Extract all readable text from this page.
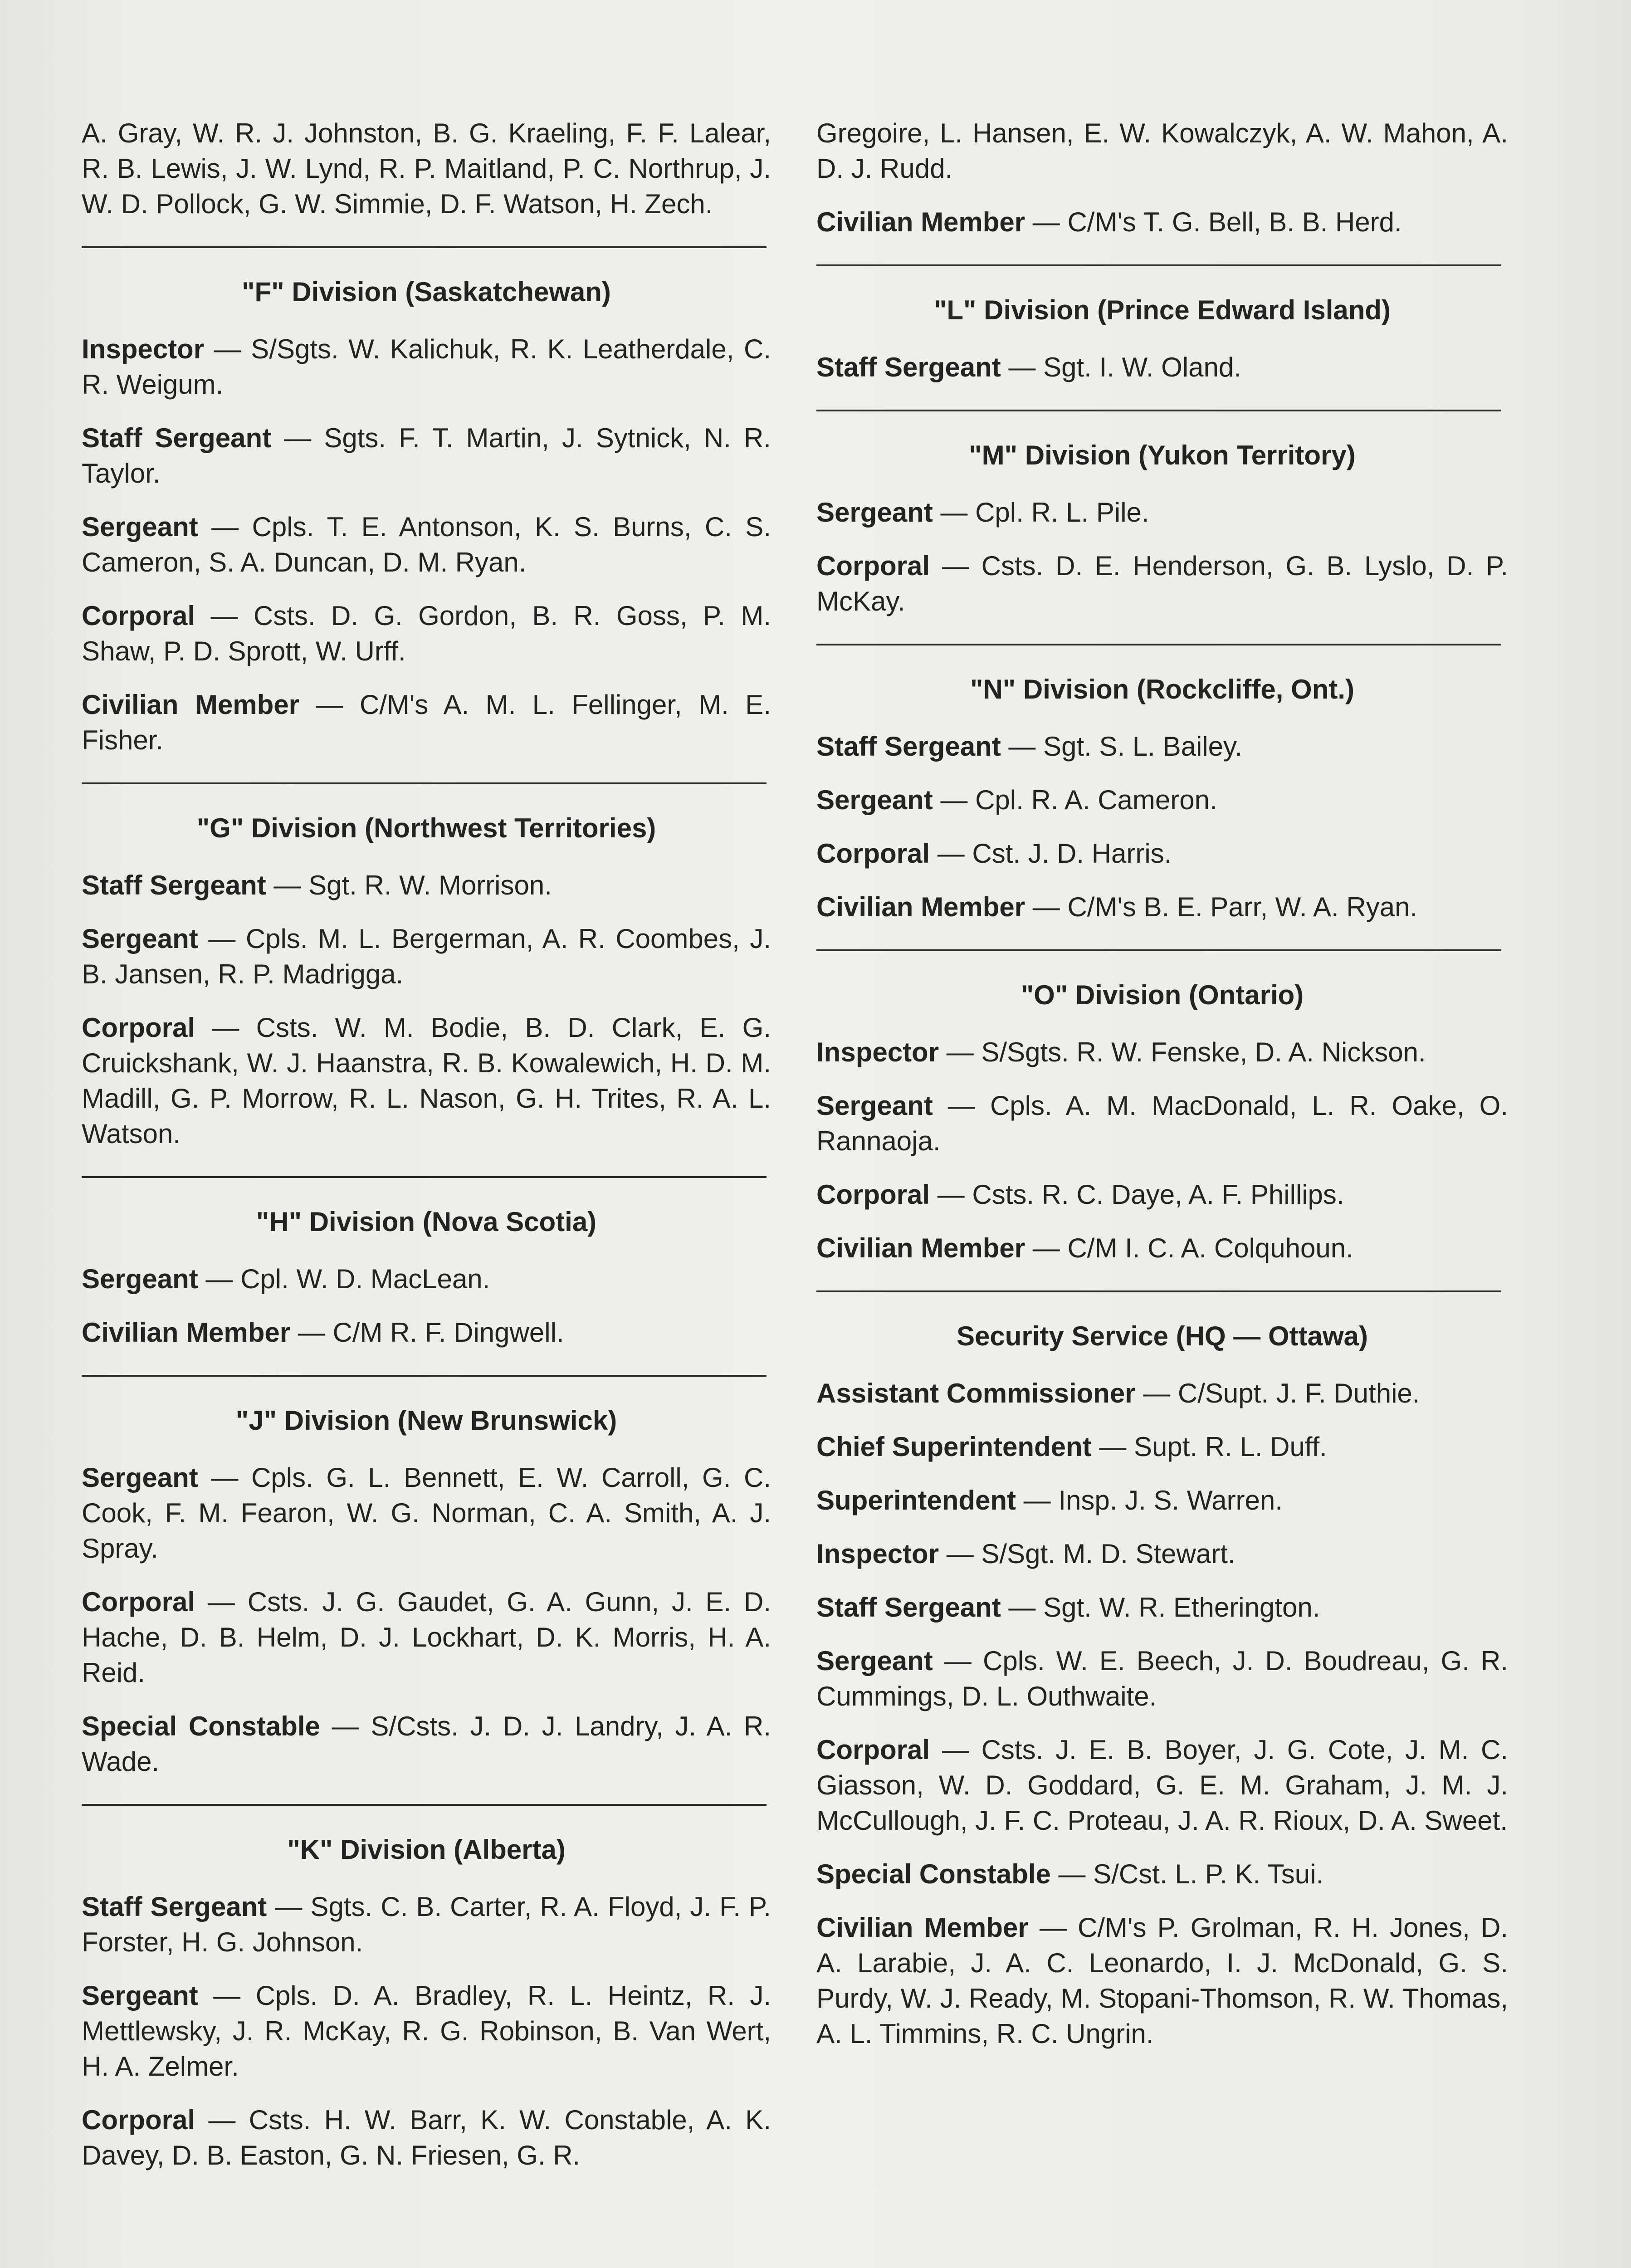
A. Gray, W. R. J. Johnston, B. G. Kraeling, F. F. Lalear, R. B. Lewis, J. W. Lynd, R. P. Maitland, P. C. Northrup, J. W. D. Pollock, G. W. Simmie, D. F. Watson, H. Zech.

"F" Division (Saskatchewan)

Inspector — S/Sgts. W. Kalichuk, R. K. Leatherdale, C. R. Weigum.

Staff Sergeant — Sgts. F. T. Martin, J. Sytnick, N. R. Taylor.

Sergeant — Cpls. T. E. Antonson, K. S. Burns, C. S. Cameron, S. A. Duncan, D. M. Ryan.

Corporal — Csts. D. G. Gordon, B. R. Goss, P. M. Shaw, P. D. Sprott, W. Urff.

Civilian Member — C/M's A. M. L. Fellinger, M. E. Fisher.

"G" Division (Northwest Territories)

Staff Sergeant — Sgt. R. W. Morrison.

Sergeant — Cpls. M. L. Bergerman, A. R. Coombes, J. B. Jansen, R. P. Madrigga.

Corporal — Csts. W. M. Bodie, B. D. Clark, E. G. Cruickshank, W. J. Haanstra, R. B. Kowalewich, H. D. M. Madill, G. P. Morrow, R. L. Nason, G. H. Trites, R. A. L. Watson.

"H" Division (Nova Scotia)

Sergeant — Cpl. W. D. MacLean.

Civilian Member — C/M R. F. Dingwell.

"J" Division (New Brunswick)

Sergeant — Cpls. G. L. Bennett, E. W. Carroll, G. C. Cook, F. M. Fearon, W. G. Norman, C. A. Smith, A. J. Spray.

Corporal — Csts. J. G. Gaudet, G. A. Gunn, J. E. D. Hache, D. B. Helm, D. J. Lockhart, D. K. Morris, H. A. Reid.

Special Constable — S/Csts. J. D. J. Landry, J. A. R. Wade.

"K" Division (Alberta)

Staff Sergeant — Sgts. C. B. Carter, R. A. Floyd, J. F. P. Forster, H. G. Johnson.

Sergeant — Cpls. D. A. Bradley, R. L. Heintz, R. J. Mettlewsky, J. R. McKay, R. G. Robinson, B. Van Wert, H. A. Zelmer.

Corporal — Csts. H. W. Barr, K. W. Constable, A. K. Davey, D. B. Easton, G. N. Friesen, G. R.

Gregoire, L. Hansen, E. W. Kowalczyk, A. W. Mahon, A. D. J. Rudd.

Civilian Member — C/M's T. G. Bell, B. B. Herd.

"L" Division (Prince Edward Island)

Staff Sergeant — Sgt. I. W. Oland.

"M" Division (Yukon Territory)

Sergeant — Cpl. R. L. Pile.

Corporal — Csts. D. E. Henderson, G. B. Lyslo, D. P. McKay.

"N" Division (Rockcliffe, Ont.)

Staff Sergeant — Sgt. S. L. Bailey.

Sergeant — Cpl. R. A. Cameron.

Corporal — Cst. J. D. Harris.

Civilian Member — C/M's B. E. Parr, W. A. Ryan.

"O" Division (Ontario)

Inspector — S/Sgts. R. W. Fenske, D. A. Nickson.

Sergeant — Cpls. A. M. MacDonald, L. R. Oake, O. Rannaoja.

Corporal — Csts. R. C. Daye, A. F. Phillips.

Civilian Member — C/M I. C. A. Colquhoun.

Security Service (HQ — Ottawa)

Assistant Commissioner — C/Supt. J. F. Duthie.

Chief Superintendent — Supt. R. L. Duff.

Superintendent — Insp. J. S. Warren.

Inspector — S/Sgt. M. D. Stewart.

Staff Sergeant — Sgt. W. R. Etherington.

Sergeant — Cpls. W. E. Beech, J. D. Boudreau, G. R. Cummings, D. L. Outhwaite.

Corporal — Csts. J. E. B. Boyer, J. G. Cote, J. M. C. Giasson, W. D. Goddard, G. E. M. Graham, J. M. J. McCullough, J. F. C. Proteau, J. A. R. Rioux, D. A. Sweet.

Special Constable — S/Cst. L. P. K. Tsui.

Civilian Member — C/M's P. Grolman, R. H. Jones, D. A. Larabie, J. A. C. Leonardo, I. J. McDonald, G. S. Purdy, W. J. Ready, M. Stopani-Thomson, R. W. Thomas, A. L. Timmins, R. C. Ungrin.
